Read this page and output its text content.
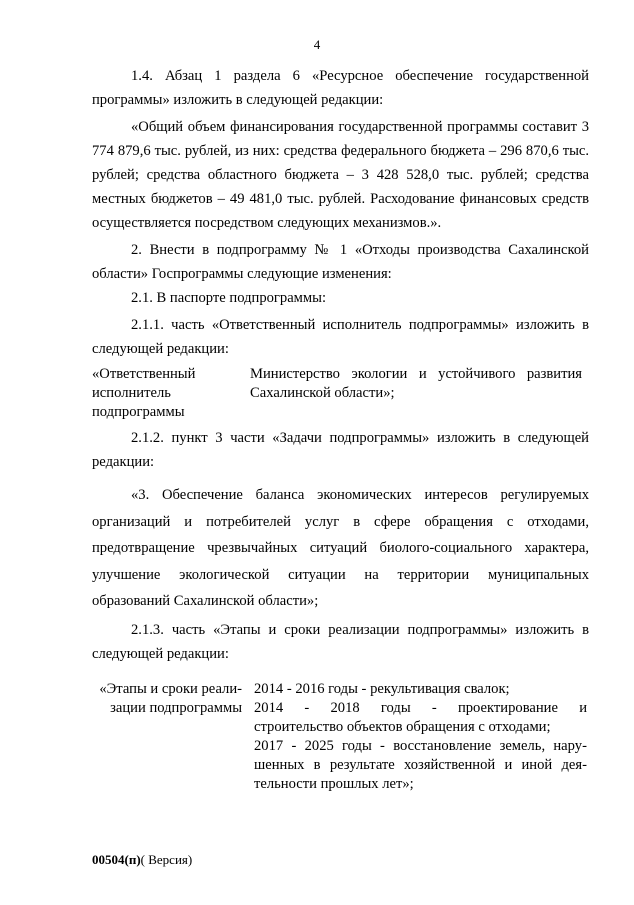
4

1.4. Абзац 1 раздела 6 «Ресурсное обеспечение государственной программы» изложить в следующей редакции:

«Общий объем финансирования государственной программы составит 3 774 879,6 тыс. рублей, из них: средства федерального бюджета – 296 870,6 тыс. рублей; средства областного бюджета – 3 428 528,0 тыс. рублей; средства местных бюджетов – 49 481,0 тыс. рублей. Расходование финансовых средств осуществляется посредством следующих механизмов.».

2. Внести в подпрограмму № 1 «Отходы производства Сахалинской области» Госпрограммы следующие изменения:

2.1. В паспорте подпрограммы:

2.1.1. часть «Ответственный исполнитель подпрограммы» изложить в следующей редакции:

«Ответственный
исполнитель
подпрограммы
Министерство экологии и устойчивого развития Сахалинской области»;

2.1.2. пункт 3 части «Задачи подпрограммы» изложить в следующей редакции:

«3. Обеспечение баланса экономических интересов регулируемых организаций и потребителей услуг в сфере обращения с отходами, предотвращение чрезвычайных ситуаций биолого-социального характера, улучшение экологической ситуации на территории муниципальных образований Сахалинской области»;

2.1.3. часть «Этапы и сроки реализации подпрограммы» изложить в следующей редакции:

«Этапы и сроки реали-
зации подпрограммы
2014 - 2016 годы - рекультивация свалок;
2014 - 2018 годы - проектирование и
строительство объектов обращения с отходами;
2017 - 2025 годы - восстановление земель, нару-
шенных в результате хозяйственной и иной дея-
тельности прошлых лет»;
00504(п)( Версия)
